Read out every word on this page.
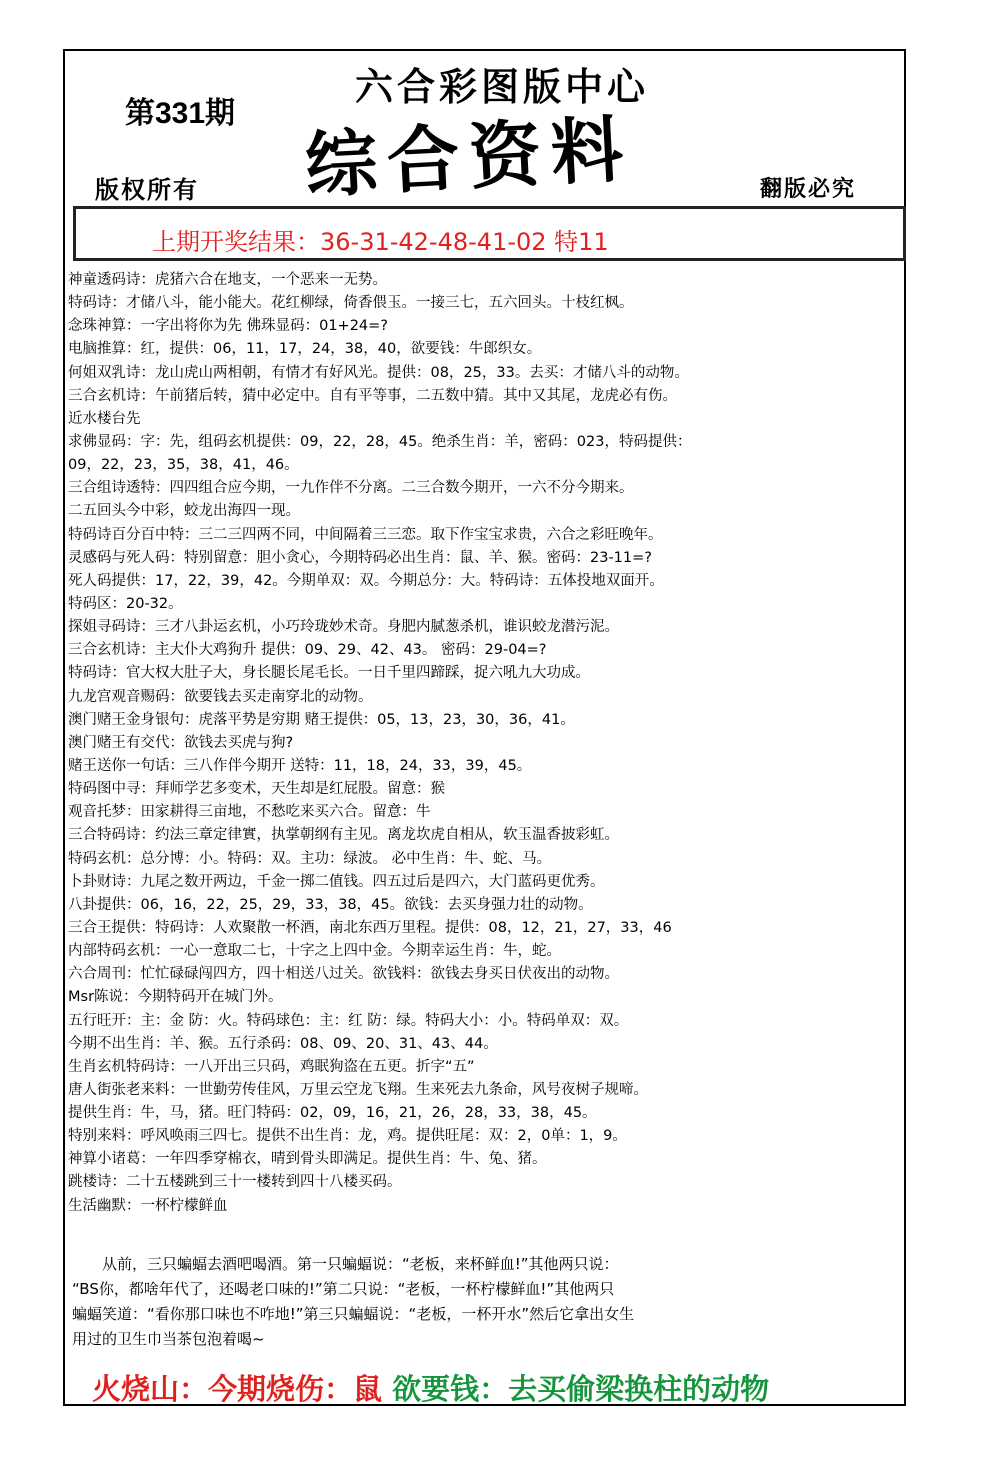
第331期
六合彩图版中心
综合资料
版权所有	翻版必究
上期开奖结果：36-31-42-48-41-02 特11
神童透码诗：虎猪六合在地支，一个恶来一无势。
特码诗：才储八斗，能小能大。花红柳绿，倚香偎玉。一接三七，五六回头。十枝红枫。
念珠神算：一字出将你为先 佛珠显码：01+24=?
电脑推算：红，提供：06，11，17，24，38，40，欲要钱：牛郎织女。
何姐双乳诗：龙山虎山两相朝，有情才有好风光。提供：08，25，33。去买：才储八斗的动物。
三合玄机诗：午前猪后转，猜中必定中。自有平等事，二五数中猜。其中又其尾，龙虎必有伤。
近水楼台先
求佛显码：字：先，组码玄机提供：09，22，28，45。绝杀生肖：羊，密码：023，特码提供：
09，22，23，35，38，41，46。
三合组诗透特：四四组合应今期，一九作伴不分离。二三合数今期开，一六不分今期来。
二五回头今中彩，蛟龙出海四一现。
特码诗百分百中特：三二三四两不同，中间隔着三三恋。取下作宝宝求贵，六合之彩旺晚年。
灵感码与死人码：特别留意：胆小贪心，今期特码必出生肖：鼠、羊、猴。密码：23-11=?
死人码提供：17，22，39，42。今期单双：双。今期总分：大。特码诗：五体投地双面开。
特码区：20-32。
探姐寻码诗：三才八卦运玄机，小巧玲珑妙术奇。身肥内腻葱杀机，谁识蛟龙潜污泥。
三合玄机诗：主大仆大鸡狗升 提供：09、29、42、43。 密码：29-04=?
特码诗：官大权大肚子大，身长腿长尾毛长。一日千里四蹄踩，捉六吼九大功成。
九龙宫观音赐码：欲要钱去买走南穿北的动物。
澳门赌王金身银句：虎落平势是穷期 赌王提供：05，13，23，30，36，41。
澳门赌王有交代：欲钱去买虎与狗?
赌王送你一句话：三八作伴今期开 送特：11，18，24，33，39，45。
特码图中寻：拜师学艺多变术，天生却是红屁股。留意：猴
观音托梦：田家耕得三亩地，不愁吃来买六合。留意：牛
三合特码诗：约法三章定律實，执掌朝纲有主见。离龙坎虎自相从，软玉温香披彩虹。
特码玄机：总分博：小。特码：双。主功：绿波。 必中生肖：牛、蛇、马。
卜卦财诗：九尾之数开两边，千金一掷二值钱。四五过后是四六，大门蓝码更优秀。
八卦提供：06，16，22，25，29，33，38，45。欲钱：去买身强力壮的动物。
三合王提供：特码诗：人欢聚散一杯酒，南北东西万里程。提供：08，12，21，27，33，46
内部特码玄机：一心一意取二七，十字之上四中金。今期幸运生肖：牛，蛇。
六合周刊：忙忙碌碌闯四方，四十相送八过关。欲钱料：欲钱去身买日伏夜出的动物。
Msr陈说：今期特码开在城门外。
五行旺开：主：金 防：火。特码球色：主：红 防：绿。特码大小：小。特码单双：双。
今期不出生肖：羊、猴。五行杀码：08、09、20、31、43、44。
生肖玄机特码诗：一八开出三只码，鸡眠狗盗在五更。折字“五”
唐人街张老来料：一世勤劳传佳风，万里云空龙飞翔。生来死去九条命，风号夜树子规啼。
提供生肖：牛，马，猪。旺门特码：02，09，16，21，26，28，33，38，45。
特别来料：呼风唤雨三四七。提供不出生肖：龙，鸡。提供旺尾：双：2，0单：1，9。
神算小诸葛：一年四季穿棉衣，晴到骨头即满足。提供生肖：牛、兔、猪。
跳楼诗：二十五楼跳到三十一楼转到四十八楼买码。
生活幽默：一杯柠檬鲜血
从前，三只蝙蝠去酒吧喝酒。第一只蝙蝠说：“老板，来杯鲜血!”其他两只说：
“BS你，都啥年代了，还喝老口味的!”第二只说：“老板，一杯柠檬鲜血!”其他两只
蝙蝠笑道：“看你那口味也不咋地!”第三只蝙蝠说：“老板，一杯开水”然后它拿出女生
用过的卫生巾当茶包泡着喝~
火烧山：今期烧伤：鼠 欲要钱：去买偷梁换柱的动物
